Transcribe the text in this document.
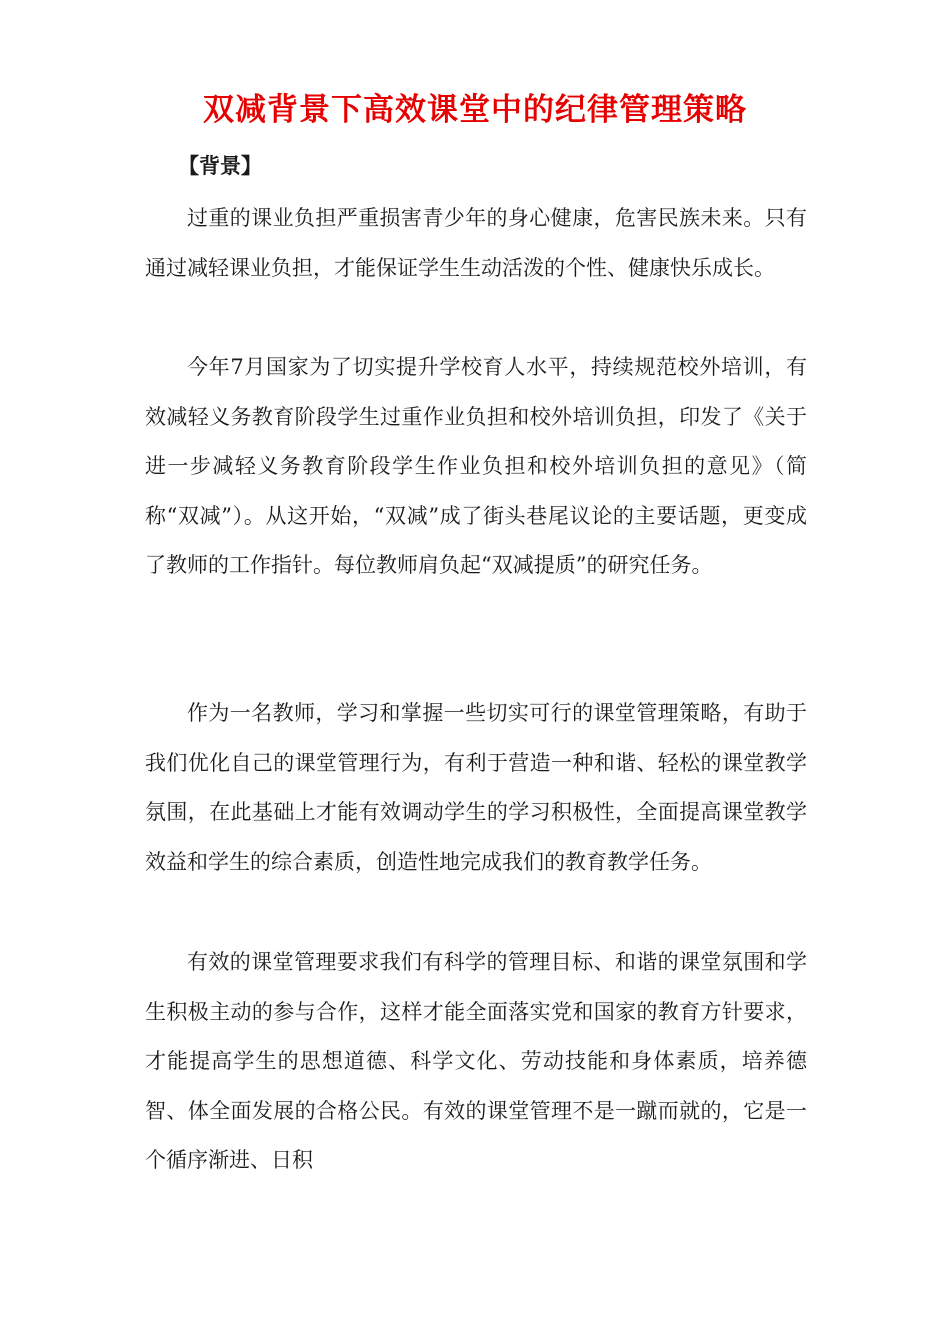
双减背景下高效课堂中的纪律管理策略
【背景】

过重的课业负担严重损害青少年的身心健康，危害民族未来。只有通过减轻课业负担，才能保证学生生动活泼的个性、健康快乐成长。

今年7月国家为了切实提升学校育人水平，持续规范校外培训，有效减轻义务教育阶段学生过重作业负担和校外培训负担，印发了《关于进一步减轻义务教育阶段学生作业负担和校外培训负担的意见》（简称“双减”）。从这开始，“双减”成了街头巷尾议论的主要话题，更变成了教师的工作指针。每位教师肩负起“双减提质”的研究任务。

作为一名教师，学习和掌握一些切实可行的课堂管理策略，有助于我们优化自己的课堂管理行为，有利于营造一种和谐、轻松的课堂教学氛围，在此基础上才能有效调动学生的学习积极性，全面提高课堂教学效益和学生的综合素质，创造性地完成我们的教育教学任务。

有效的课堂管理要求我们有科学的管理目标、和谐的课堂氛围和学生积极主动的参与合作，这样才能全面落实党和国家的教育方针要求，才能提高学生的思想道德、科学文化、劳动技能和身体素质，培养德智、体全面发展的合格公民。有效的课堂管理不是一蹴而就的，它是一个循序渐进、日积
